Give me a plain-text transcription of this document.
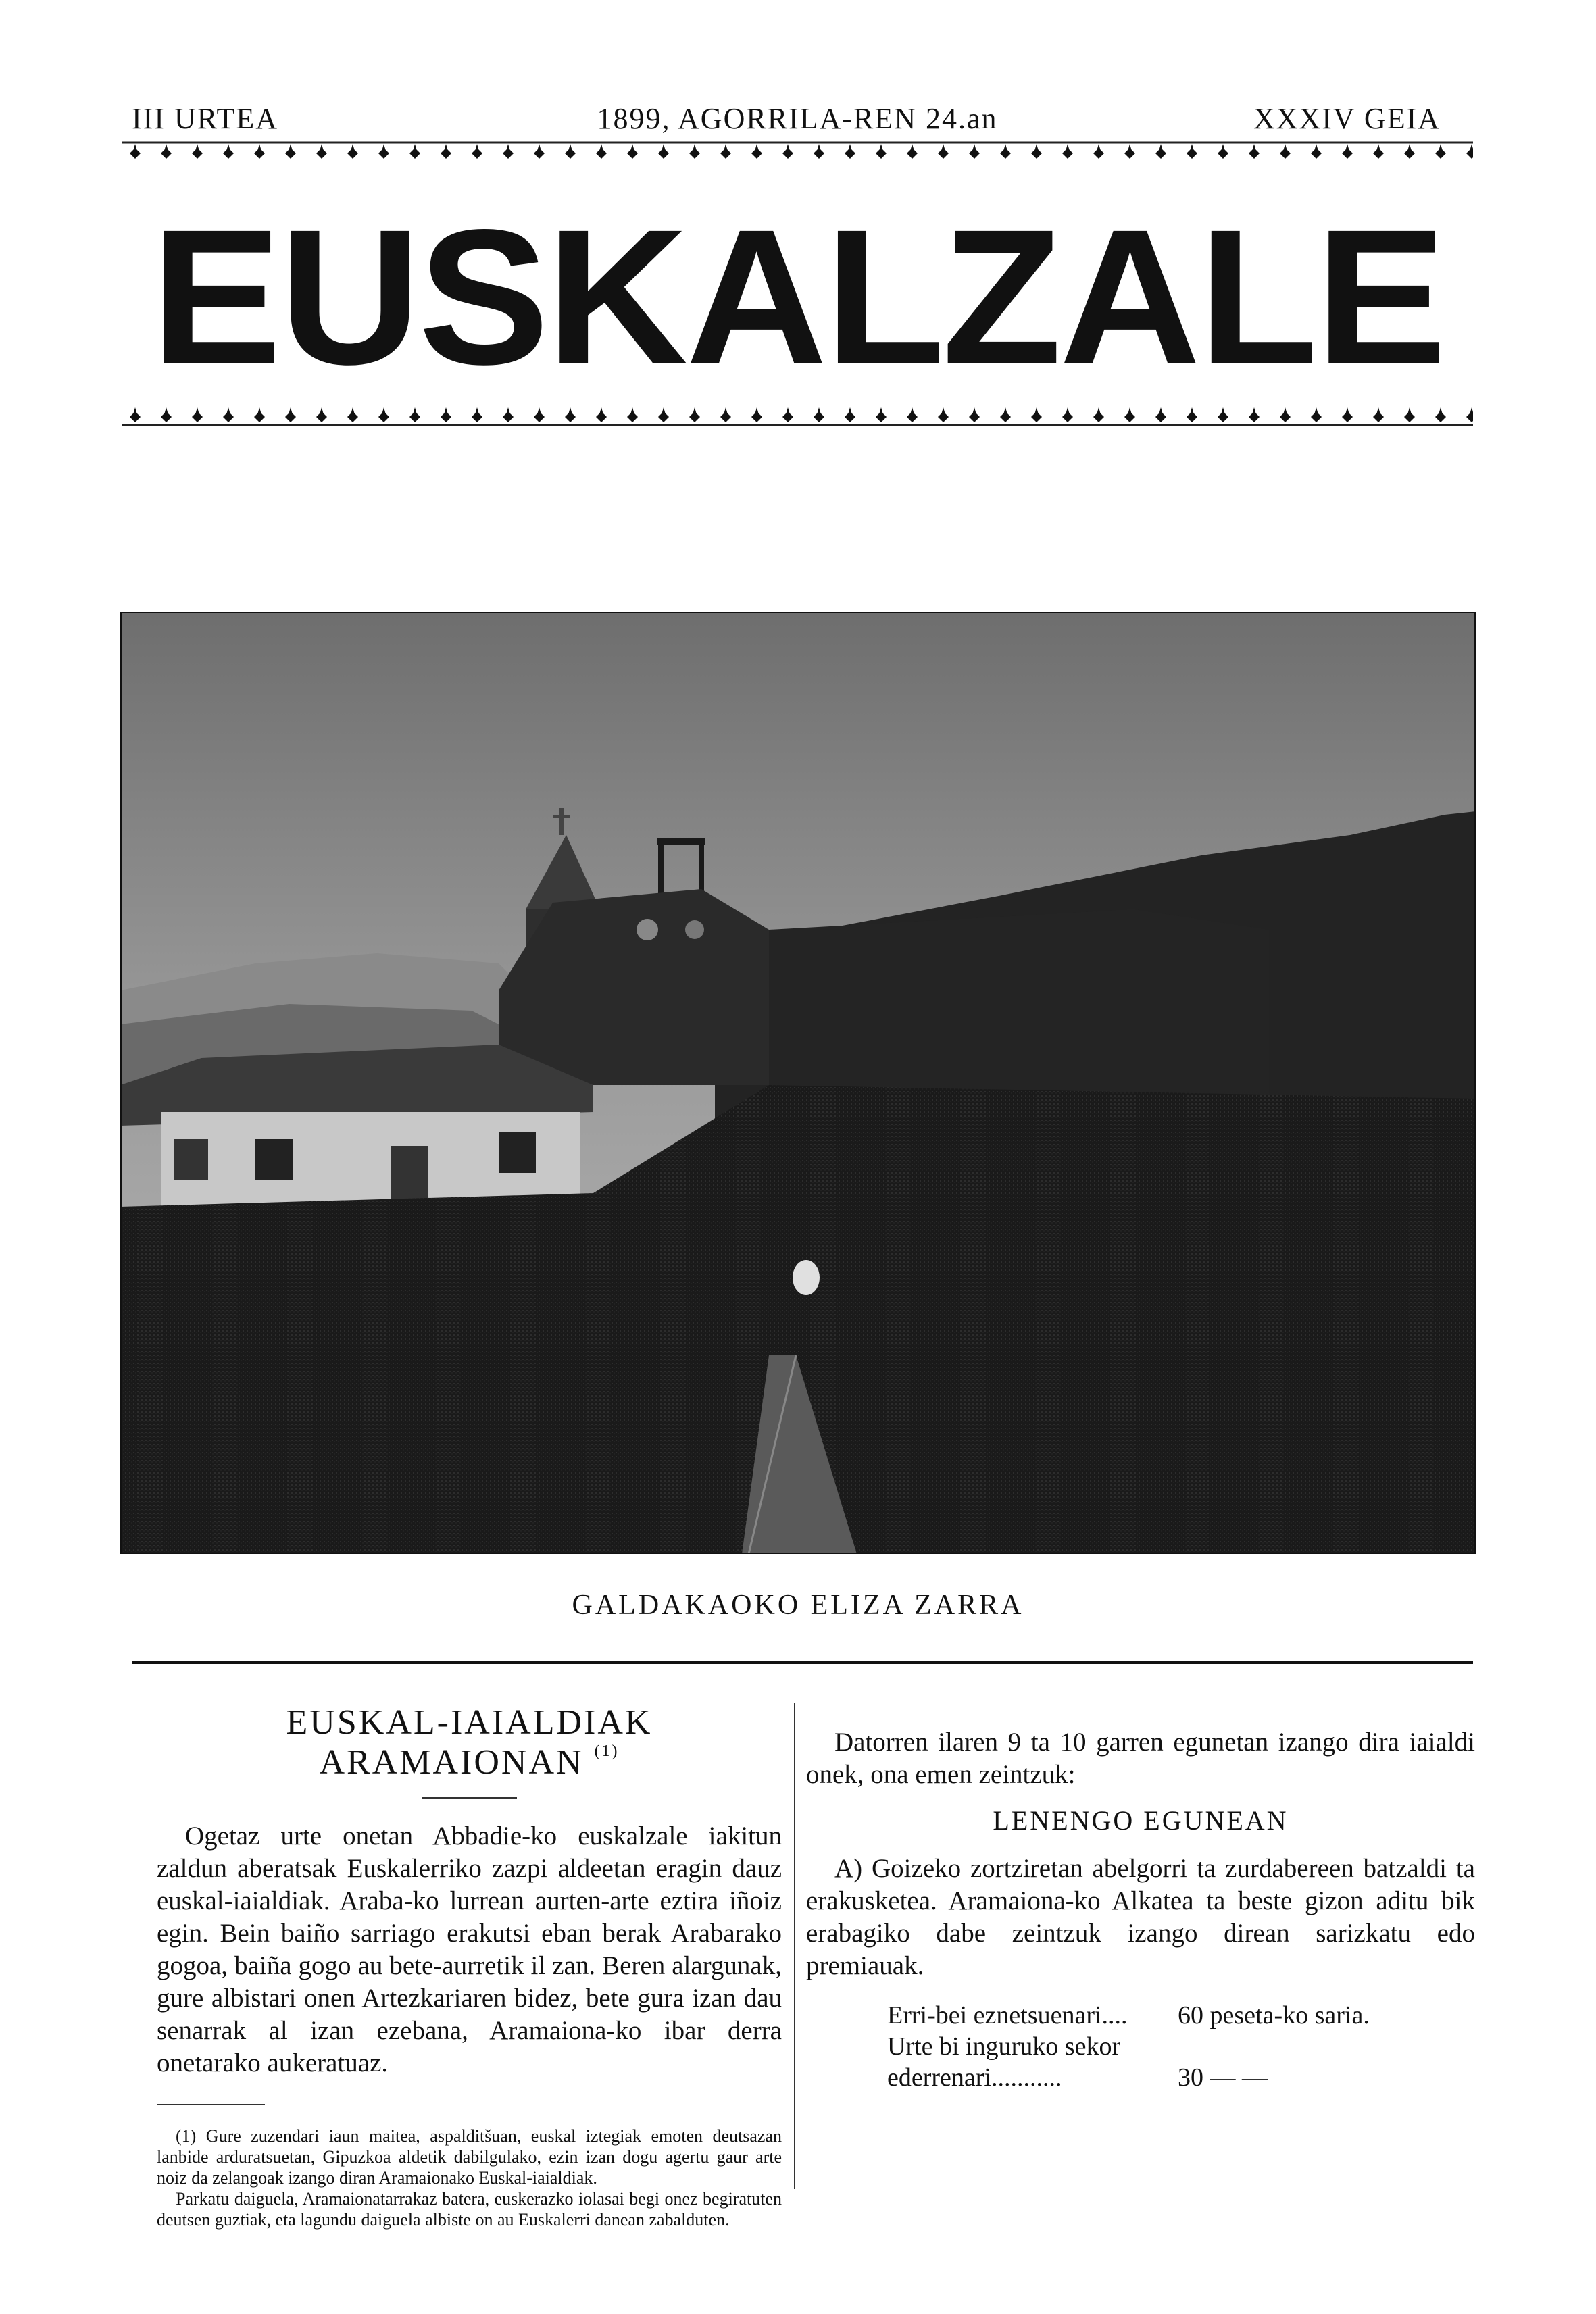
III URTEA	1899, AGORRILA-REN 24.an	XXXIV GEIA
EUSKALZALE
GALDAKAOKO ELIZA ZARRA
EUSKAL-IAIALDIAK ARAMAIONAN $^{(1)}$

Ogetaz urte onetan Abbadie-ko euskalzale iakitun zaldun aberatsak Euskalerriko zazpi aldeetan eragin dauz euskal-iaialdiak. Araba-ko lurrean aurten-arte eztira iñoiz egin. Bein baiño sarriago erakutsi eban berak Arabarako gogoa, baiña gogo au bete-aurretik il zan. Beren alargunak, gure albistari onen Artezkariaren bidez, bete gura izan dau senarrak al izan ezebana, Aramaiona-ko ibar derra onetarako aukeratuaz.

(1) Gure zuzendari iaun maitea, aspalditšuan, euskal iztegiak emoten deutsazan lanbide arduratsuetan, Gipuzkoa aldetik dabilgulako, ezin izan dogu agertu gaur arte noiz da zelangoak izango diran Aramaionako Euskal-iaialdiak.

Parkatu daiguela, Aramaionatarrakaz batera, euskerazko iolasai begi onez begiratuten deutsen guztiak, eta lagundu daiguela albiste on au Euskalerri danean zabalduten.

Datorren ilaren 9 ta 10 garren egunetan izango dira iaialdi onek, ona emen zeintzuk:

LENENGO EGUNEAN

A) Goizeko zortziretan abelgorri ta zurdabereen batzaldi ta erakusketea. Aramaiona-ko Alkatea ta beste gizon aditu bik erabagiko dabe zeintzuk izango direan sarizkatu edo premiauak.

Erri-bei eznetsuenari.... 60 peseta-ko saria.
Urte bi inguruko sekor
ederrenari...........	30 — —
